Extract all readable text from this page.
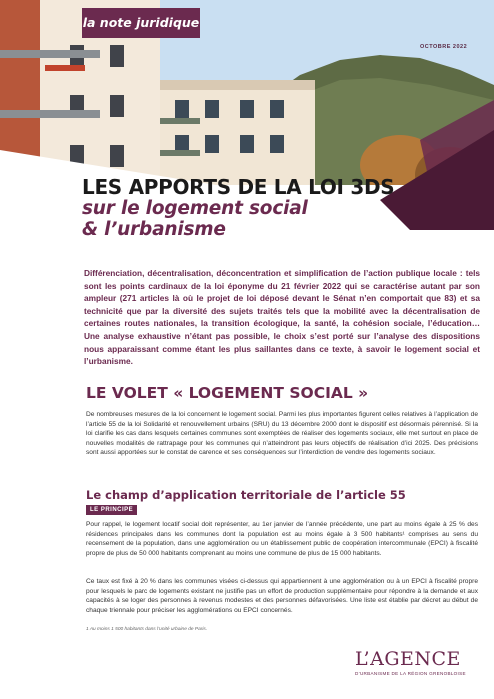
la note juridique
OCTOBRE 2022
LES APPORTS DE LA LOI 3DS
sur le logement social
& l’urbanisme
Différenciation, décentralisation, déconcentration et simplification de l’action publique locale : tels sont les points cardinaux de la loi éponyme du 21 février 2022 qui se caractérise autant par son ampleur (271 articles là où le projet de loi déposé devant le Sénat n’en comportait que 83) et sa technicité que par la diversité des sujets traités tels que la mobilité avec la décentralisation de certaines routes nationales, la transition écologique, la santé, la cohésion sociale, l’éducation… Une analyse exhaustive n’étant pas possible, le choix s’est porté sur l’analyse des dispositions nous apparaissant comme étant les plus saillantes dans ce texte, à savoir le logement social et l’urbanisme.
LE VOLET « LOGEMENT SOCIAL »
De nombreuses mesures de la loi concernent le logement social. Parmi les plus importantes figurent celles relatives à l’application de l’article 55 de la loi Solidarité et renouvellement urbains (SRU) du 13 décembre 2000 dont le dispositif est désormais pérennisé. Si la loi clarifie les cas dans lesquels certaines communes sont exemptées de réaliser des logements sociaux, elle met surtout en place de nouvelles modalités de rattrapage pour les communes qui n’atteindront pas leurs objectifs de réalisation d’ici 2025. Des précisions sont aussi apportées sur le constat de carence et ses conséquences sur l’interdiction de vendre des logements sociaux.
Le champ d’application territoriale de l’article 55
LE PRINCIPE
Pour rappel, le logement locatif social doit représenter, au 1er janvier de l’année précédente, une part au moins égale à 25 % des résidences principales dans les communes dont la population est au moins égale à 3 500 habitants¹ comprises au sens du recensement de la population, dans une agglomération ou un établissement public de coopération intercommunale (EPCI) à fiscalité propre de plus de 50 000 habitants comprenant au moins une commune de plus de 15 000 habitants.
Ce taux est fixé à 20 % dans les communes visées ci-dessus qui appartiennent à une agglomération ou à un EPCI à fiscalité propre pour lesquels le parc de logements existant ne justifie pas un effort de production supplémentaire pour répondre à la demande et aux capacités à se loger des personnes à revenus modestes et des personnes défavorisées. Une liste est établie par décret au début de chaque triennale pour préciser les agglomérations ou EPCI concernés.
1 Au moins 1 500 habitants dans l’unité urbaine de Paris.
L’AGENCE
D’URBANISME DE LA RÉGION GRENOBLOISE
